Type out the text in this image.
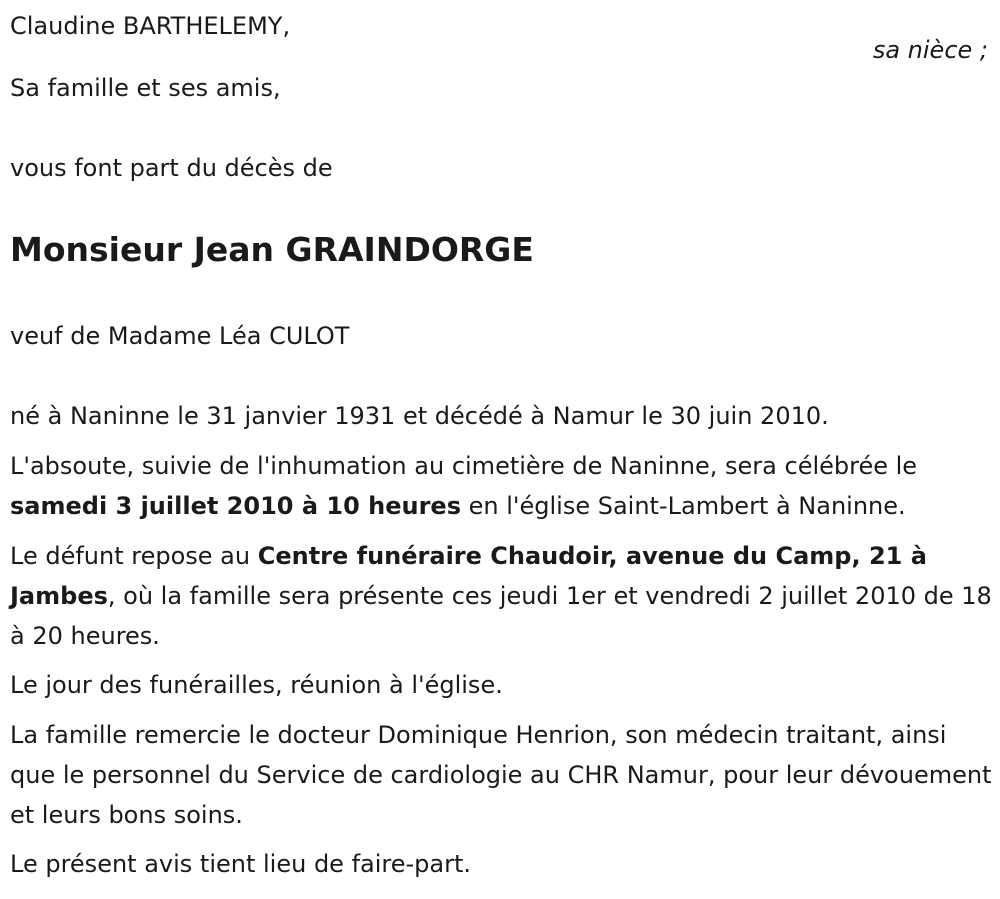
Claudine BARTHELEMY,
sa nièce ;
Sa famille et ses amis,
vous font part du décès de
Monsieur Jean GRAINDORGE
veuf de Madame Léa CULOT
né à Naninne le 31 janvier 1931 et décédé à Namur le 30 juin 2010.
L'absoute, suivie de l'inhumation au cimetière de Naninne, sera célébrée le samedi 3 juillet 2010 à 10 heures en l'église Saint-Lambert à Naninne.
Le défunt repose au Centre funéraire Chaudoir, avenue du Camp, 21 à Jambes, où la famille sera présente ces jeudi 1er et vendredi 2 juillet 2010 de 18 à 20 heures.
Le jour des funérailles, réunion à l'église.
La famille remercie le docteur Dominique Henrion, son médecin traitant, ainsi que le personnel du Service de cardiologie au CHR Namur, pour leur dévouement et leurs bons soins.
Le présent avis tient lieu de faire-part.
